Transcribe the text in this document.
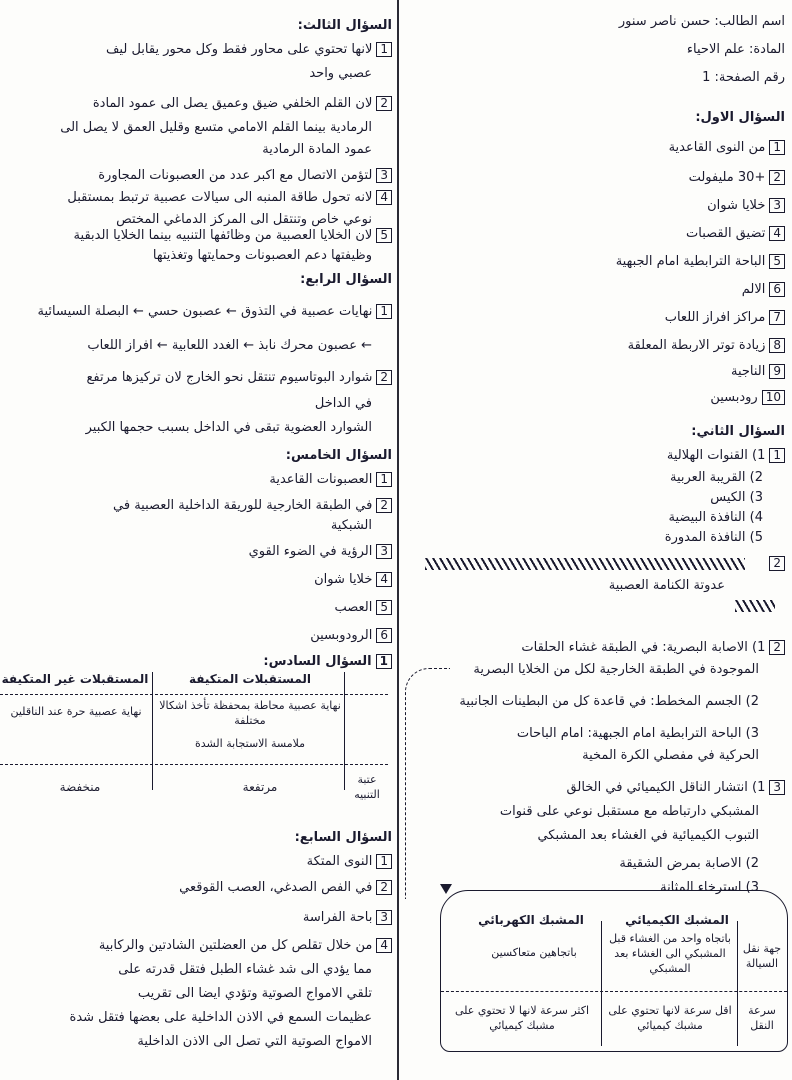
اسم الطالب: حسن ناصر سنور
المادة: علم الاحياء
رقم الصفحة: 1
السؤال الاول:
1من النوى القاعدية
2+30 مليفولت
3خلايا شوان
4تضيق القصبات
5الباحة الترابطية امام الجبهية
6الالم
7مراكز افراز اللعاب
8زيادة توتر الاربطة المعلقة
9الناجية
10رودبسين
السؤال الثاني:
11) القنوات الهلالية
2) القريبة العربية
3) الكيس
4) النافذة البيضية
5) النافذة المدورة
2
عدوتة الكنامة العصبية
21) الاصابة البصرية: في الطبقة غشاء الحلقات
الموجودة في الطبقة الخارجية لكل من الخلايا البصرية
2) الجسم المخطط: في قاعدة كل من البطينات الجانبية
3) الباحة الترابطية امام الجبهية: امام الباحات
الحركية في مفصلي الكرة المخية
31) انتشار الناقل الكيميائي في الخالق
المشبكي دارتباطه مع مستقبل نوعي على قنوات
التبوب الكيميائية في الغشاء بعد المشبكي
2) الاصابة بمرض الشقيقة
3) استرخاء المثانة
المشبك الكيميائي
المشبك الكهربائي
جهة نقل السيالة
باتجاه واحد من الغشاء قبل المشبكي الى الغشاء بعد المشبكي
باتجاهين متعاكسين
سرعة النقل
اقل سرعة لانها تحتوي على مشبك كيميائي
اكثر سرعة لانها لا تحتوي على مشبك كيميائي
السؤال الثالث:
1لانها تحتوي على محاور فقط وكل محور يقابل ليف
عصبي واحد
2لان القلم الخلفي ضيق وعميق يصل الى عمود المادة
الرمادية بينما القلم الامامي متسع وقليل العمق لا يصل الى
عمود المادة الرمادية
3لتؤمن الاتصال مع اكبر عدد من العصبونات المجاورة
4لانه تحول طاقة المنبه الى سيالات عصبية ترتبط بمستقبل
نوعي خاص وتنتقل الى المركز الدماغي المختص
5لان الخلايا العصبية من وظائفها التنبيه بينما الخلايا الدبقية
وظيفتها دعم العصبونات وحمايتها وتغذيتها
السؤال الرابع:
1نهايات عصبية في التذوق ← عصبون حسي ← البصلة السيسائية
← عصبون محرك نابذ ← الغدد اللعابية ← افراز اللعاب
2شوارد البوتاسيوم تنتقل نحو الخارج لان تركيزها مرتفع
في الداخل
الشوارد العضوية تبقى في الداخل بسبب حجمها الكبير
السؤال الخامس:
1العصبونات القاعدية
2في الطبقة الخارجية للوريقة الداخلية العصبية في
الشبكية
3الرؤية في الضوء القوي
4خلايا شوان
5العصب
6الرودوبسين
1السؤال السادس:
المستقبلات غير المتكيفة	المستقبلات المتكيفة
نهاية عصبية محاطة بمحفظة تأخذ اشكالا مختلفة
ملامسة الاستجابة الشدة
نهاية عصبية حرة عند الناقلين
عتبة التنبيه
مرتفعة
منخفضة
السؤال السابع:
1النوى المتكة
2في الفص الصدغي، العصب القوقعي
3باحة الفراسة
4من خلال تقلص كل من العضلتين الشادتين والركابية
مما يؤدي الى شد غشاء الطبل فتقل قدرته على
تلقي الامواج الصوتية وتؤدي ايضا الى تقريب
عظيمات السمع في الاذن الداخلية على بعضها فتقل شدة
الامواج الصوتية التي تصل الى الاذن الداخلية
